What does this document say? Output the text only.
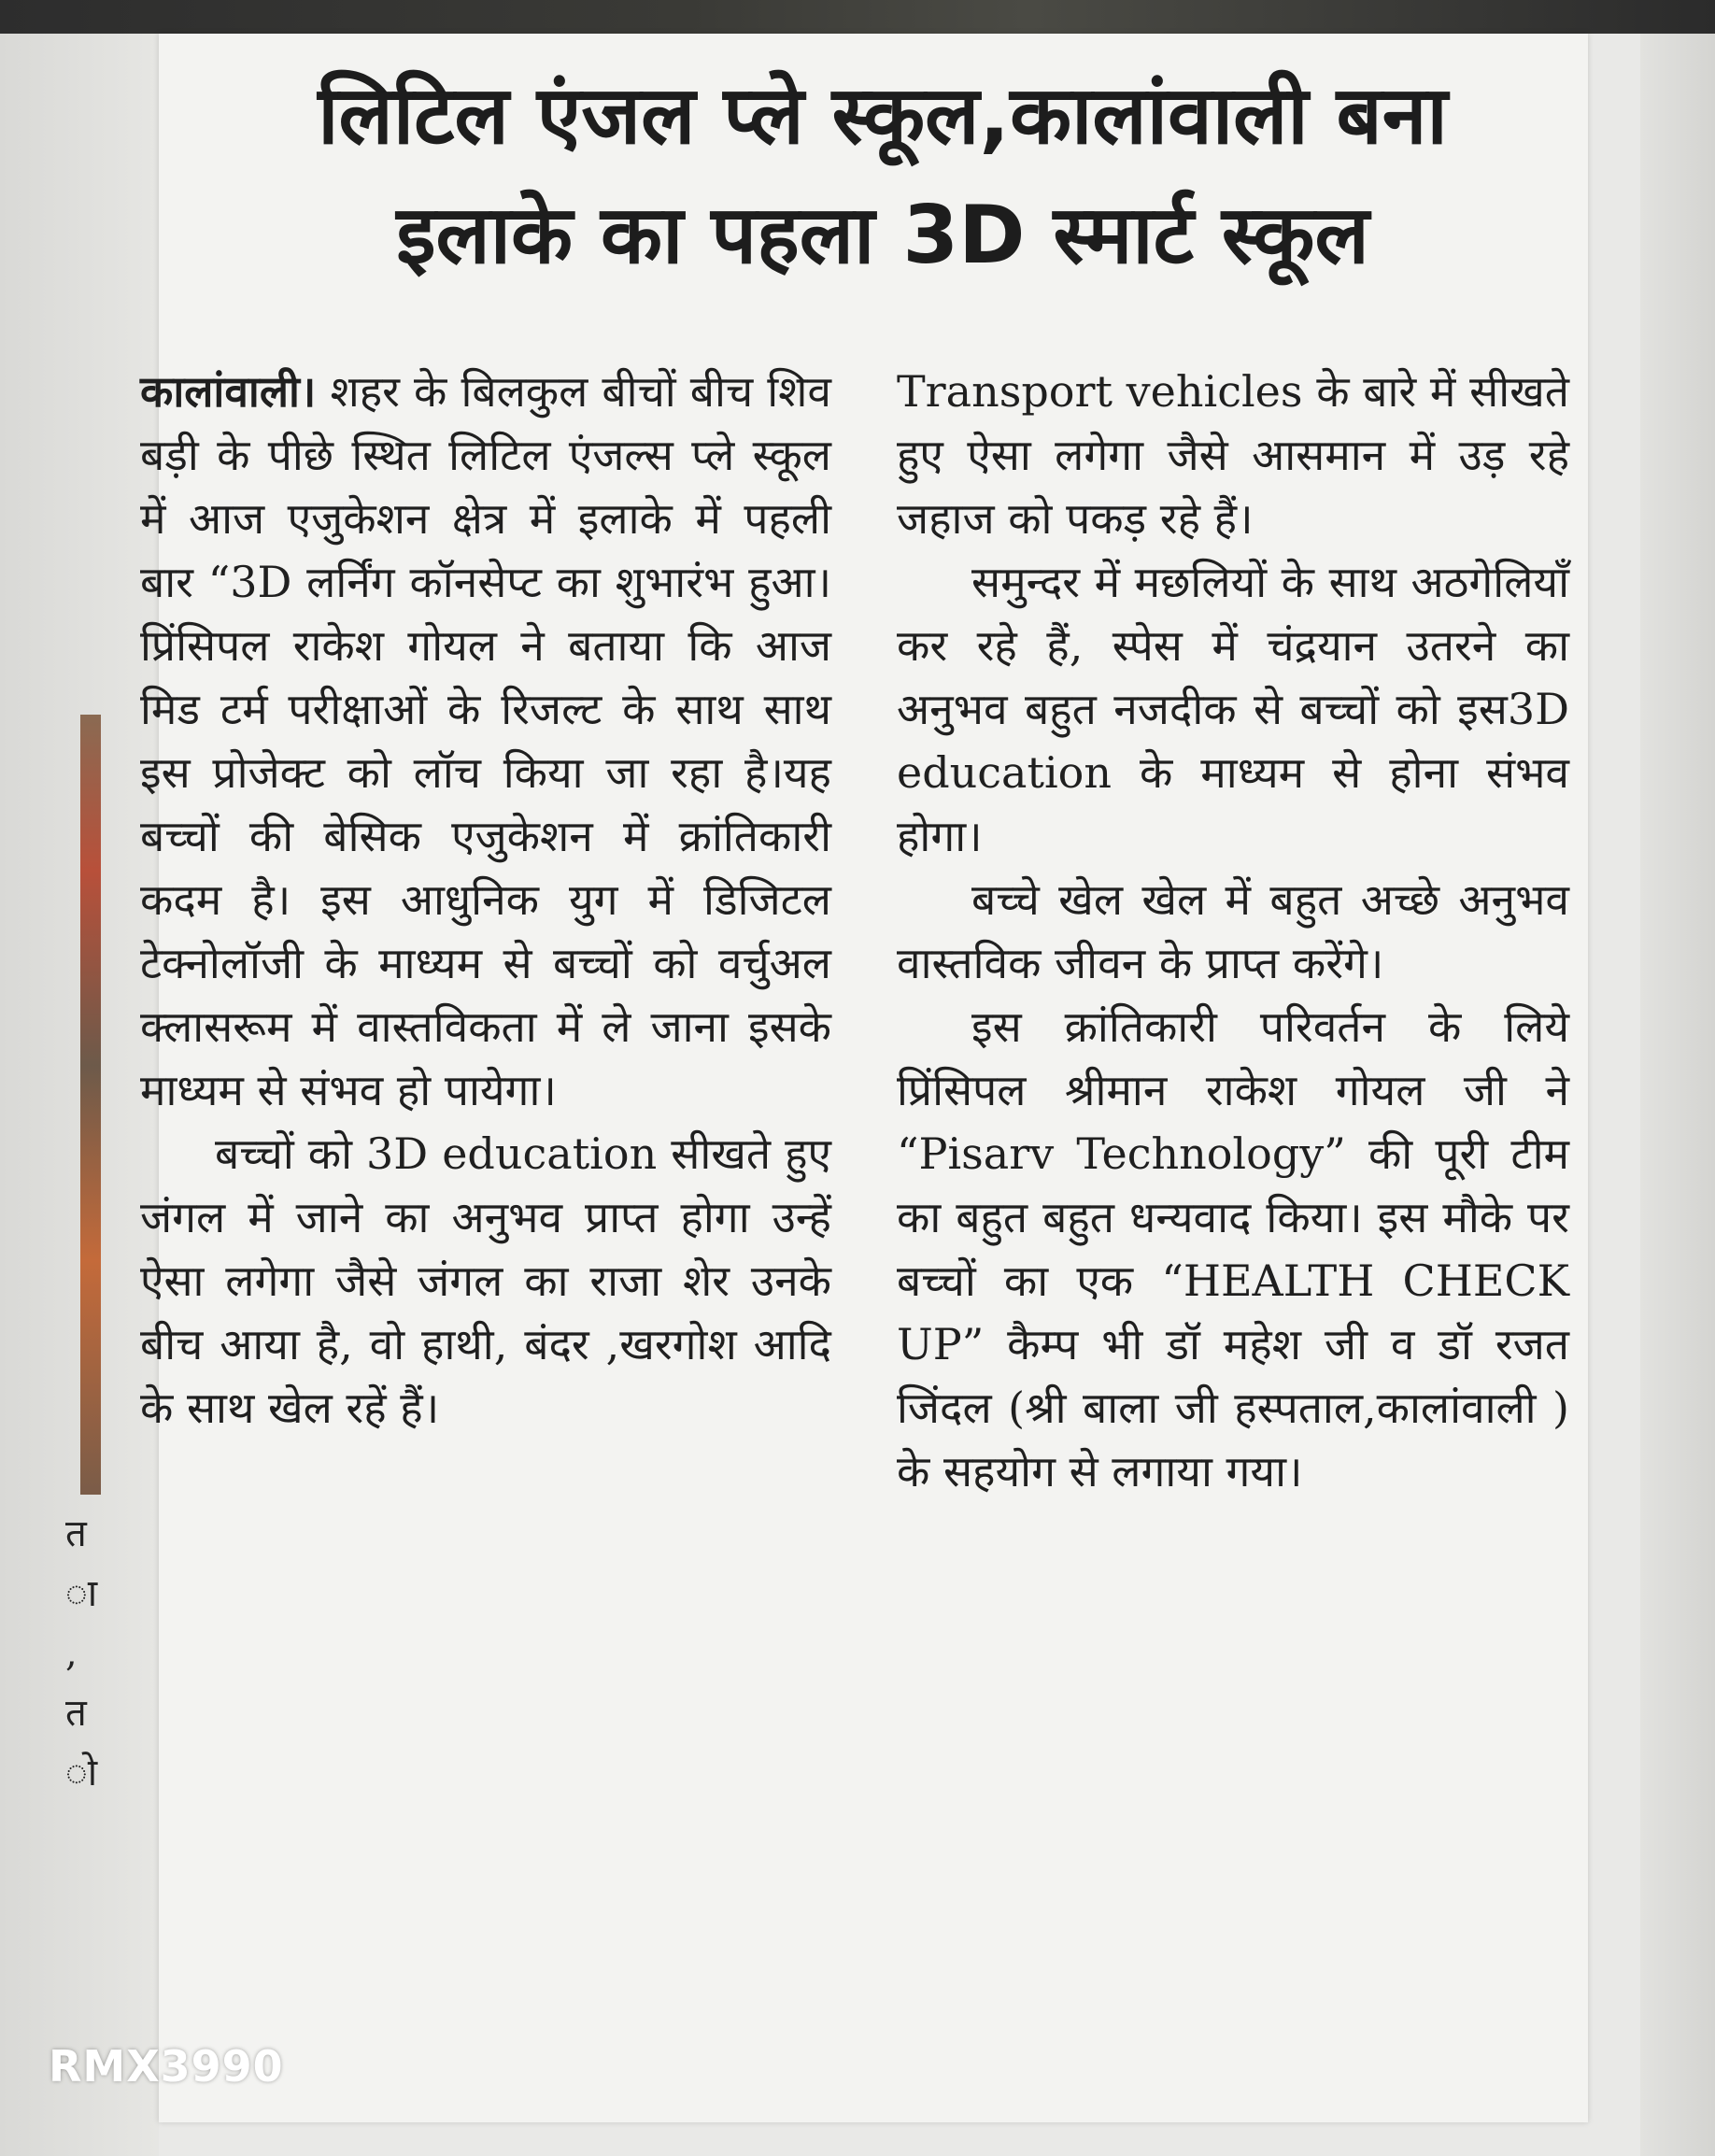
त
ा
,
त
ो
लिटिल एंजल प्ले स्कूल,कालांवाली बना
इलाके का पहला 3D स्मार्ट स्कूल

कालांवाली। शहर के बिलकुल बीचों बीच शिव बड़ी के पीछे स्थित लिटिल एंजल्स प्ले स्कूल में आज एजुकेशन क्षेत्र में इलाके में पहली बार “3D लर्निंग कॉनसेप्ट का शुभारंभ हुआ। प्रिंसिपल राकेश गोयल ने बताया कि आज मिड टर्म परीक्षाओं के रिजल्ट के साथ साथ इस प्रोजेक्ट को लॉच किया जा रहा है।यह बच्चों की बेसिक एजुकेशन में क्रांतिकारी कदम है। इस आधुनिक युग में डिजिटल टेक्नोलॉजी के माध्यम से बच्चों को वर्चुअल क्लासरूम में वास्तविकता में ले जाना इसके माध्यम से संभव हो पायेगा।

बच्चों को 3D education सीखते हुए जंगल में जाने का अनुभव प्राप्त होगा उन्हें ऐसा लगेगा जैसे जंगल का राजा शेर उनके बीच आया है, वो हाथी, बंदर ,खरगोश आदि के साथ खेल रहें हैं।

Transport vehicles के बारे में सीखते हुए ऐसा लगेगा जैसे आसमान में उड़ रहे जहाज को पकड़ रहे हैं।

समुन्दर में मछलियों के साथ अठगेलियाँ कर रहे हैं, स्पेस में चंद्रयान उतरने का अनुभव बहुत नजदीक से बच्चों को इस3D education के माध्यम से होना संभव होगा।

बच्चे खेल खेल में बहुत अच्छे अनुभव वास्तविक जीवन के प्राप्त करेंगे।

इस क्रांतिकारी परिवर्तन के लिये प्रिंसिपल श्रीमान राकेश गोयल जी ने “Pisarv Technology” की पूरी टीम का बहुत बहुत धन्यवाद किया। इस मौके पर बच्चों का एक “HEALTH CHECK UP” कैम्प भी डॉ महेश जी व डॉ रजत जिंदल (श्री बाला जी हस्पताल,कालांवाली ) के सहयोग से लगाया गया।

RMX3990
